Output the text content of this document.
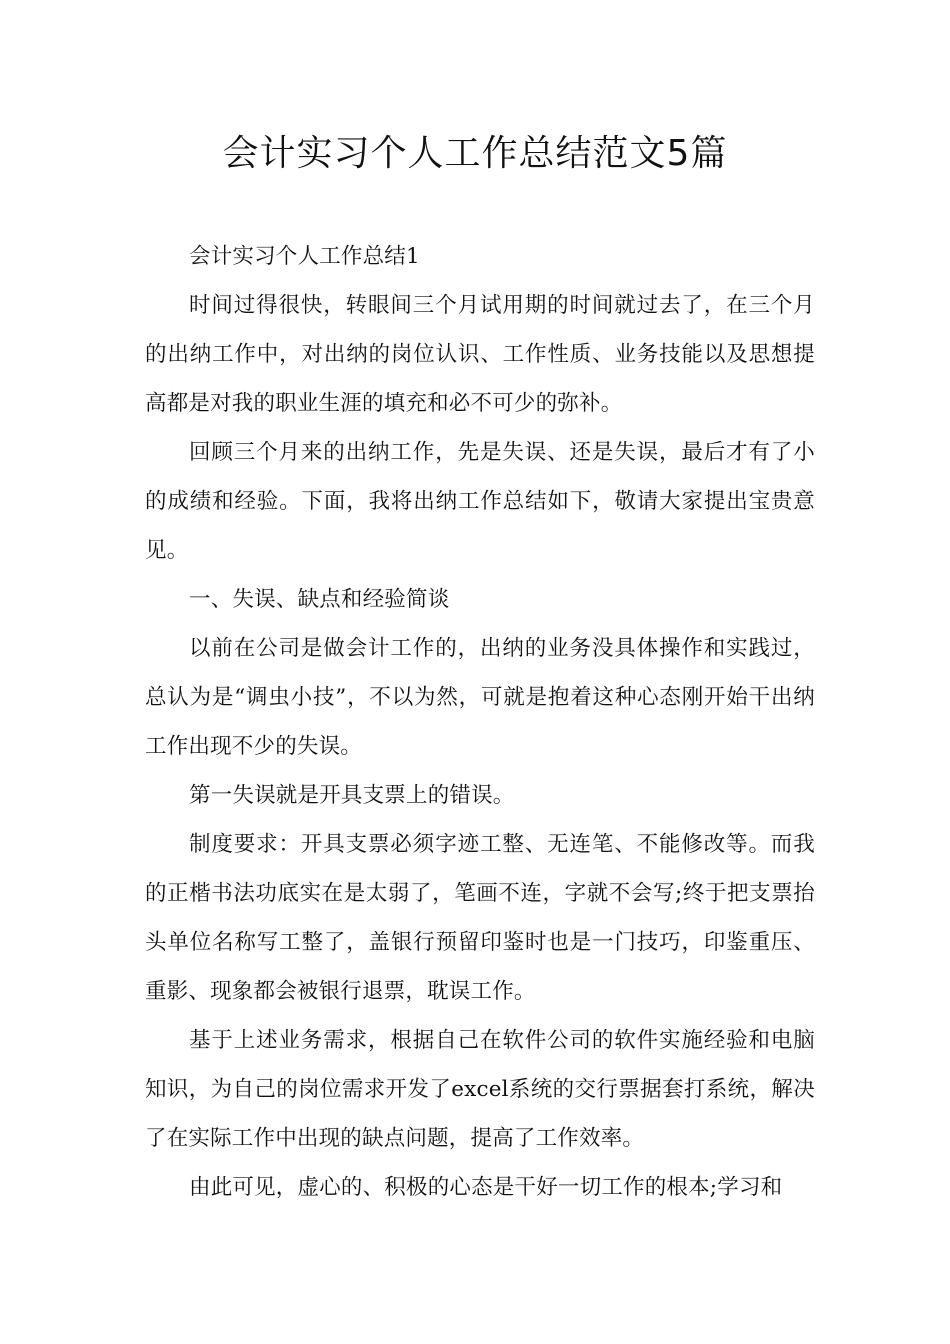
会计实习个人工作总结范文5篇

会计实习个人工作总结1

时间过得很快，转眼间三个月试用期的时间就过去了，在三个月的出纳工作中，对出纳的岗位认识、工作性质、业务技能以及思想提高都是对我的职业生涯的填充和必不可少的弥补。

回顾三个月来的出纳工作，先是失误、还是失误，最后才有了小的成绩和经验。下面，我将出纳工作总结如下，敬请大家提出宝贵意见。

一、失误、缺点和经验简谈

以前在公司是做会计工作的，出纳的业务没具体操作和实践过，总认为是“调虫小技”，不以为然，可就是抱着这种心态刚开始干出纳工作出现不少的失误。

第一失误就是开具支票上的错误。

制度要求：开具支票必须字迹工整、无连笔、不能修改等。而我的正楷书法功底实在是太弱了，笔画不连，字就不会写;终于把支票抬头单位名称写工整了，盖银行预留印鉴时也是一门技巧，印鉴重压、重影、现象都会被银行退票，耽误工作。

基于上述业务需求，根据自己在软件公司的软件实施经验和电脑知识，为自己的岗位需求开发了excel系统的交行票据套打系统，解决了在实际工作中出现的缺点问题，提高了工作效率。

由此可见，虚心的、积极的心态是干好一切工作的根本;学习和
